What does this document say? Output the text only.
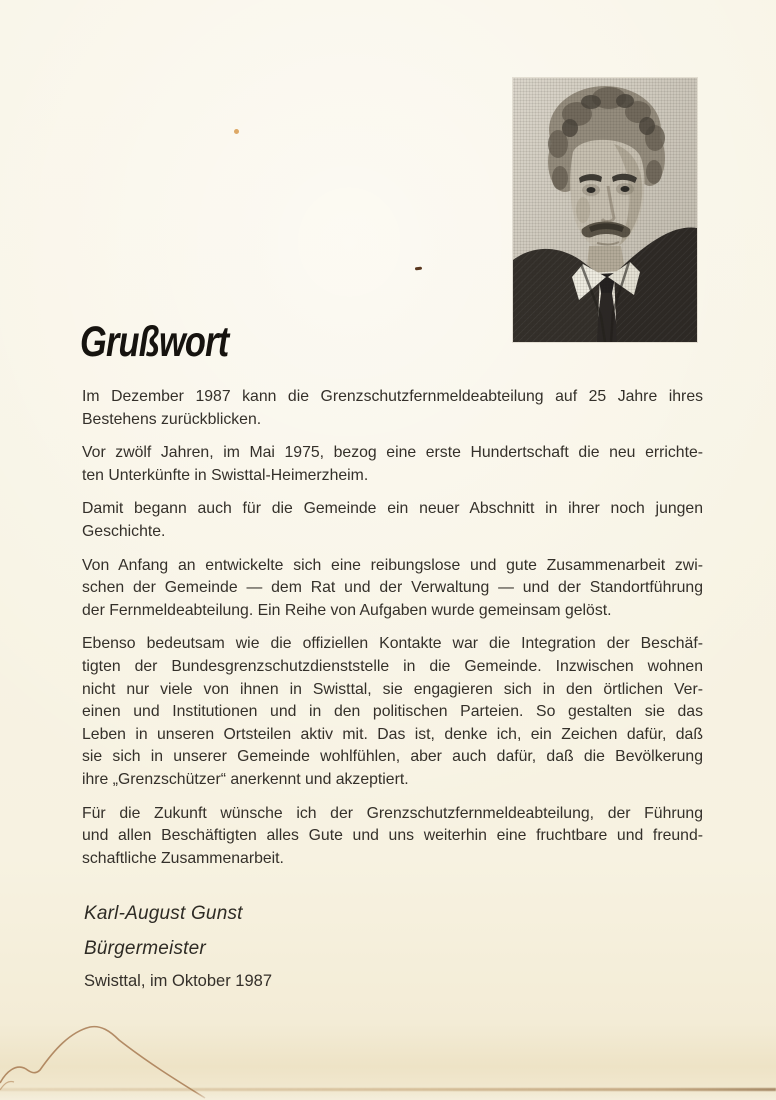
Grußwort
Im Dezember 1987 kann die Grenzschutzfernmeldeabteilung auf 25 Jahre ihres
Bestehens zurückblicken.
Vor zwölf Jahren, im Mai 1975, bezog eine erste Hundertschaft die neu errichte-
ten Unterkünfte in Swisttal-Heimerzheim.
Damit begann auch für die Gemeinde ein neuer Abschnitt in ihrer noch jungen
Geschichte.
Von Anfang an entwickelte sich eine reibungslose und gute Zusammenarbeit zwi-
schen der Gemeinde — dem Rat und der Verwaltung — und der Standortführung
der Fernmeldeabteilung. Ein Reihe von Aufgaben wurde gemeinsam gelöst.
Ebenso bedeutsam wie die offiziellen Kontakte war die Integration der Beschäf-
tigten der Bundesgrenzschutzdienststelle in die Gemeinde. Inzwischen wohnen
nicht nur viele von ihnen in Swisttal, sie engagieren sich in den örtlichen Ver-
einen und Institutionen und in den politischen Parteien. So gestalten sie das
Leben in unseren Ortsteilen aktiv mit. Das ist, denke ich, ein Zeichen dafür, daß
sie sich in unserer Gemeinde wohlfühlen, aber auch dafür, daß die Bevölkerung
ihre „Grenzschützer“ anerkennt und akzeptiert.
Für die Zukunft wünsche ich der Grenzschutzfernmeldeabteilung, der Führung
und allen Beschäftigten alles Gute und uns weiterhin eine fruchtbare und freund-
schaftliche Zusammenarbeit.
Karl-August Gunst
Bürgermeister
Swisttal, im Oktober 1987
